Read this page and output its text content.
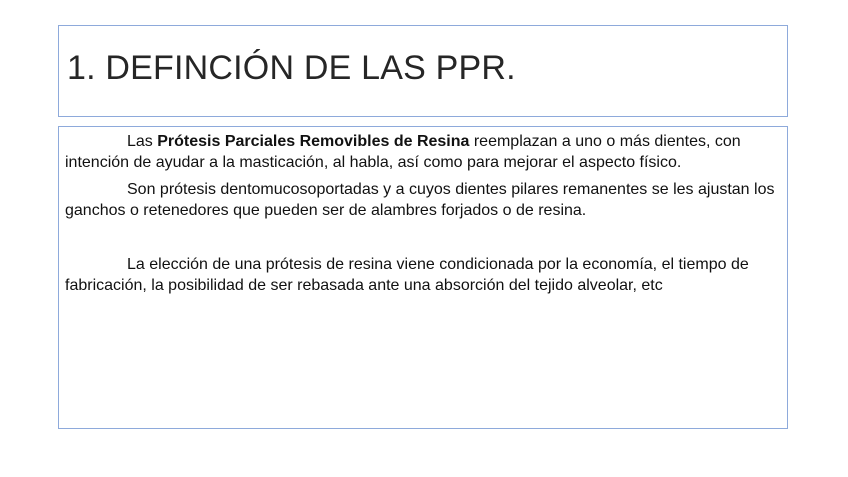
1. DEFINCIÓN DE LAS PPR.

Las Prótesis Parciales Removibles de Resina reemplazan a uno o más dientes, con intención de ayudar a la masticación, al habla, así como para mejorar el aspecto físico.

Son prótesis dentomucosoportadas y a cuyos dientes pilares remanentes se les ajustan los ganchos o retenedores que pueden ser de alambres forjados o de resina.

La elección de una prótesis de resina viene condicionada por la economía, el tiempo de fabricación, la posibilidad de ser rebasada ante una absorción del tejido alveolar, etc
